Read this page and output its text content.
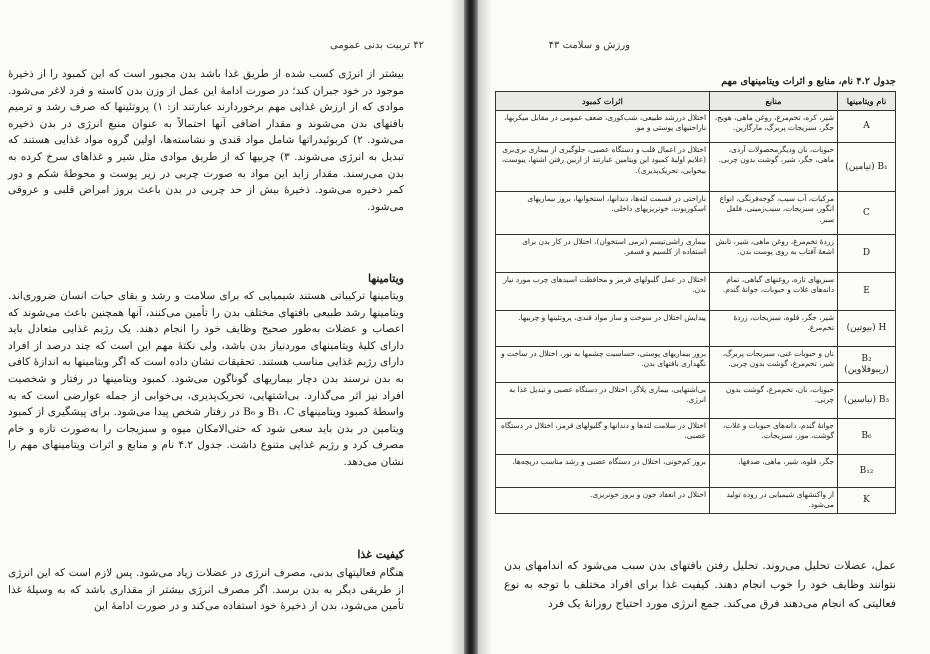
۴۲ تربیت بدنی عمومی
بیشتر از انرژی کسب شده از طریق غذا باشد بدن مجبور است که این کمبود را از ذخیرهٔ موجود در خود جبران کند؛ در صورت ادامهٔ این عمل از وزن بدن کاسته و فرد لاغر می‌شود. موادی که از ارزش غذایی مهم برخوردارند عبارتند از: ۱) پروتئینها که صرف رشد و ترمیم بافتهای بدن می‌شوند و مقدار اضافی آنها احتمالاً به عنوان منبع انرژی در بدن ذخیره می‌شود. ۲) کربوئیدراتها شامل مواد قندی و نشاسته‌ها، اولین گروه مواد غذایی هستند که تبدیل به انرژی می‌شوند. ۳) چربیها که از طریق موادی مثل شیر و غذاهای سرخ کرده به بدن می‌رسند. مقدار زاید این مواد به صورت چربی در زیر پوست و محوطهٔ شکم و دور کمر ذخیره می‌شود. ذخیرهٔ بیش از حد چربی در بدن باعث بروز امراض قلبی و عروقی می‌شود.
ویتامینها
ویتامینها ترکیباتی هستند شیمیایی که برای سلامت و رشد و بقای حیات انسان ضروری‌اند. ویتامینها رشد طبیعی بافتهای مختلف بدن را تأمین می‌کنند، آنها همچنین باعث می‌شوند که اعصاب و عضلات به‌طور صحیح وظایف خود را انجام دهند. یک رژیم غذایی متعادل باید دارای کلیهٔ ویتامینهای موردنیاز بدن باشد، ولی نکتهٔ مهم این است که چند درصد از افراد دارای رژیم غذایی مناسب هستند. تحقیقات نشان داده است که اگر ویتامینها به اندازهٔ کافی به بدن نرسند بدن دچار بیماریهای گوناگون می‌شود. کمبود ویتامینها در رفتار و شخصیت افراد نیز اثر می‌گذارد. بی‌اشتهایی، تحریک‌پذیری، بی‌خوابی از جمله عوارضی است که به واسطهٔ کمبود ویتامینهای B₁ ،C و B₆ در رفتار شخص پیدا می‌شود. برای پیشگیری از کمبود ویتامین در بدن باید سعی شود که حتی‌الامکان میوه و سبزیجات را به‌صورت تازه و خام مصرف کرد و رژیم غذایی متنوع داشت. جدول ۴.۲ نام و منابع و اثرات ویتامینهای مهم را نشان می‌دهد.
کیفیت غذا
هنگام فعالیتهای بدنی، مصرف انرژی در عضلات زیاد می‌شود. پس لازم است که این انرژی از طریقی دیگر به بدن برسد. اگر مصرف انرژی بیشتر از مقداری باشد که به وسیلهٔ غذا تأمین می‌شود، بدن از ذخیرهٔ خود استفاده می‌کند و در صورت ادامهٔ این
ورزش و سلامت ۴۳
جدول ۴.۲ نام، منابع و اثرات ویتامینهای مهم
نام ویتامینها	منابع	اثرات کمبود
A	شیر، کره، تخم‌مرغ، روغن ماهی، هویج، جگر، سبزیجات پربرگ، مارگارین.	اختلال دررشد طبیعی، شب‌کوری، ضعف عمومی در مقابل میکربها، ناراحتیهای پوستی و مو.
B₁ (تیامین)	حبوبات، نان وديگرمحصولات آردی، ماهی، جگر، شیر، گوشت بدون چربی.	اختلال در اعمال قلب و دستگاه عصبی، جلوگیری از بیماری بری‌بری (علایم اولیهٔ کمبود این ویتامین عبارتند از ازبین رفتن اشتها، یبوست، بیخوابی، تحریک‌پذیری).
C	مرکبات، آب سیب، گوجه‌فرنگی، انواع انگور، سبزیجات، سیب‌زمینی، فلفل سبز.	ناراحتی در قسمت لثه‌ها، دندانها، استخوانها، بروز بیماریهای اسکوربوت، خونریزیهای داخلی.
D	زردهٔ تخم‌مرغ، روغن ماهی، شیر، تابش اشعهٔ آفتاب به روی پوست بدن.	بیماری راشی‌تیسم (نرمی استخوان)، اختلال در کار بدن برای استفاده از کلسیم و فسفر.
E	سبزیهای تازه، روغنهای گیاهی، تمام دانه‌های غلات و حبوبات، جوانهٔ گندم.	اختلال در عمل گلبولهای قرمز و محافظت اسیدهای چرب مورد نیاز بدن.
H (بیوتین)	شیر، جگر، قلوه، سبزیجات، زردهٔ تخم‌مرغ.	پیدایش اختلال در سوخت و ساز مواد قندی، پروتئینها و چربیها.
B₂ (ریبوفلاوین)	نان و حبوبات غنی، سبزیجات پربرگ، شیر، تخم‌مرغ، گوشت بدون چربی.	بروز بیماریهای پوستی، حساسیت چشمها به نور، اختلال در ساخت و نگهداری بافتهای بدن.
B₃ (نیاسین)	حبوبات، نان، تخم‌مرغ، گوشت بدون چربی.	بی‌اشتهایی، بیماری پلاگر، اختلال در دستگاه عصبی و تبدیل غذا به انرژی.
B₆	جوانهٔ گندم، دانه‌های حبوبات و غلات، گوشت، موز، سبزیجات.	اختلال در سلامت لثه‌ها و دندانها و گلبولهای قرمز، اختلال در دستگاه عصبی.
B₁₂	جگر، قلوه، شیر، ماهی، صدفها.	بروز کم‌خونی، اختلال در دستگاه عصبی و رشد مناسب درپچه‌ها.
K	از واکنشهای شیمیایی در روده تولید می‌شود.	اختلال در انعقاد خون و بروز خونریزی.
عمل، عضلات تحلیل می‌روند. تحلیل رفتن بافتهای بدن سبب می‌شود که اندامهای بدن نتوانند وظایف خود را خوب انجام دهند. کیفیت غذا برای افراد مختلف با توجه به نوع فعالیتی که انجام می‌دهند فرق می‌کند. جمع انرژی مورد احتیاج روزانهٔ یک فرد
